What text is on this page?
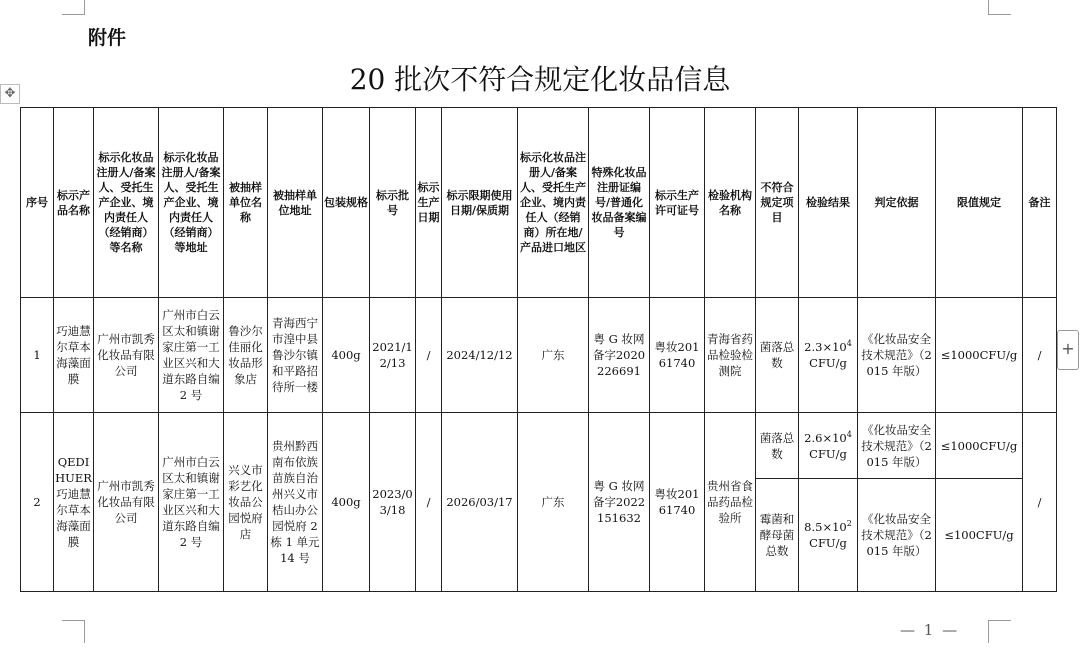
✥
+
附件
20 批次不符合规定化妆品信息
序号	标示产品名称	标示化妆品注册人/备案人、受托生产企业、境内责任人（经销商）等名称	标示化妆品注册人/备案人、受托生产企业、境内责任人（经销商）等地址	被抽样单位名称	被抽样单位地址	包装规格	标示批号	标示生产日期	标示限期使用日期/保质期	标示化妆品注册人/备案人、受托生产企业、境内责任人（经销商）所在地/产品进口地区	特殊化妆品注册证编号/普通化妆品备案编号	标示生产许可证号	检验机构名称	不符合规定项目	检验结果	判定依据	限值规定	备注
1	巧迪慧尔草本海藻面膜	广州市凯秀化妆品有限公司	广州市白云区太和镇谢家庄第一工业区兴和大道东路自编 2 号	鲁沙尔佳丽化妆品形象店	青海西宁市湟中县鲁沙尔镇和平路招待所一楼	400g	2021/12/13	/	2024/12/12	广东	粤 G 妆网备字2020226691	粤妆20161740	青海省药品检验检测院	菌落总数	$2.3\times 10^4$
CFU/g	《化妆品安全技术规范》（2015 年版）	≤1000CFU/g	/
2	QEDIHUER巧迪慧尔草本海藻面膜	广州市凯秀化妆品有限公司	广州市白云区太和镇谢家庄第一工业区兴和大道东路自编 2 号	兴义市彩艺化妆品公园悦府店	贵州黔西南布依族苗族自治州兴义市桔山办公园悦府 2 栋 1 单元 14 号	400g	2023/03/18	/	2026/03/17	广东	粤 G 妆网备字2022151632	粤妆20161740	贵州省食品药品检验所	菌落总数	$2.6\times 10^4$
CFU/g	《化妆品安全技术规范》（2015 年版）	≤1000CFU/g	/
														霉菌和酵母菌总数	$8.5\times 10^2$
CFU/g	《化妆品安全技术规范》（2015 年版）	≤100CFU/g	
— 1 —
